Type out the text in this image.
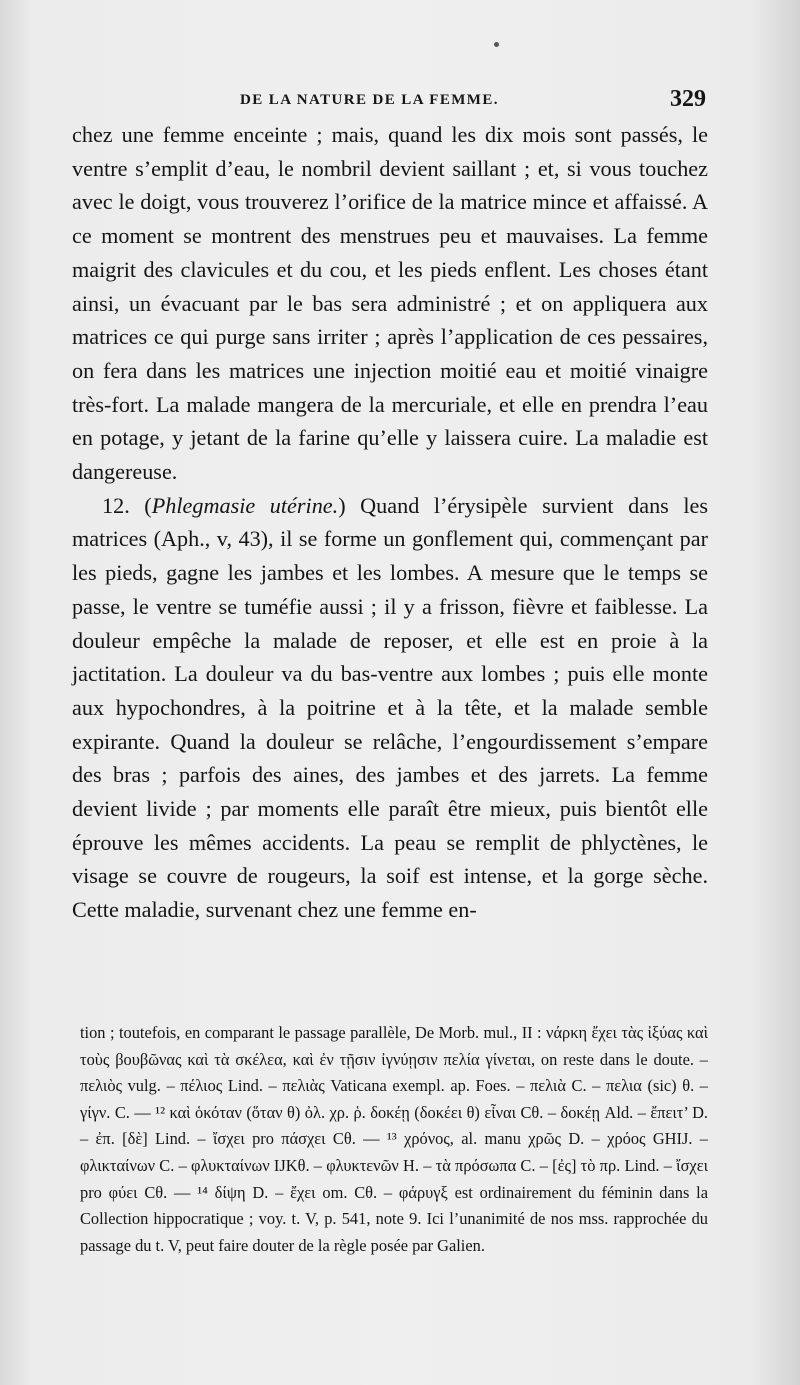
DE LA NATURE DE LA FEMME.	329

chez une femme enceinte ; mais, quand les dix mois sont passés, le ventre s’emplit d’eau, le nombril devient saillant ; et, si vous touchez avec le doigt, vous trouverez l’orifice de la matrice mince et affaissé. A ce moment se montrent des menstrues peu et mauvaises. La femme maigrit des clavicules et du cou, et les pieds enflent. Les choses étant ainsi, un évacuant par le bas sera administré ; et on appliquera aux matrices ce qui purge sans irriter ; après l’application de ces pessaires, on fera dans les matrices une injection moitié eau et moitié vinaigre très-fort. La malade mangera de la mercuriale, et elle en prendra l’eau en potage, y jetant de la farine qu’elle y laissera cuire. La maladie est dangereuse.

12. (Phlegmasie utérine.) Quand l’érysipèle survient dans les matrices (Aph., v, 43), il se forme un gonflement qui, commençant par les pieds, gagne les jambes et les lombes. A mesure que le temps se passe, le ventre se tuméfie aussi ; il y a frisson, fièvre et faiblesse. La douleur empêche la malade de reposer, et elle est en proie à la jactitation. La douleur va du bas-ventre aux lombes ; puis elle monte aux hypochondres, à la poitrine et à la tête, et la malade semble expirante. Quand la douleur se relâche, l’engourdissement s’empare des bras ; parfois des aines, des jambes et des jarrets. La femme devient livide ; par moments elle paraît être mieux, puis bientôt elle éprouve les mêmes accidents. La peau se remplit de phlyctènes, le visage se couvre de rougeurs, la soif est intense, et la gorge sèche. Cette maladie, survenant chez une femme en-

tion ; toutefois, en comparant le passage parallèle, De Morb. mul., II : νάρκη ἔχει τὰς ἰξύας καὶ τοὺς βουβῶνας καὶ τὰ σκέλεα, καὶ ἐν τῇσιν ἰγνύῃσιν πελία γίνεται, on reste dans le doute. – πελιὸς vulg. – πέλιος Lind. – πελιὰς Vaticana exempl. ap. Foes. – πελιὰ C. – πελια (sic) θ. – γίγν. C. — ¹² καὶ ὁκόταν (ὅταν θ) ὀλ. χρ. ῥ. δοκέῃ (δοκέει θ) εἶναι Cθ. – δοκέῃ Ald. – ἔπειτ’ D. – ἐπ. [δὲ] Lind. – ἴσχει pro πάσχει Cθ. — ¹³ χρόνος, al. manu χρῶς D. – χρόος GHIJ. – φλικταίνων C. – φλυκταίνων IJKθ. – φλυκτενῶν H. – τὰ πρόσωπα C. – [ἐς] τὸ πρ. Lind. – ἴσχει pro φύει Cθ. — ¹⁴ δίψη D. – ἔχει om. Cθ. – φάρυγξ est ordinairement du féminin dans la Collection hippocratique ; voy. t. V, p. 541, note 9. Ici l’unanimité de nos mss. rapprochée du passage du t. V, peut faire douter de la règle posée par Galien.
